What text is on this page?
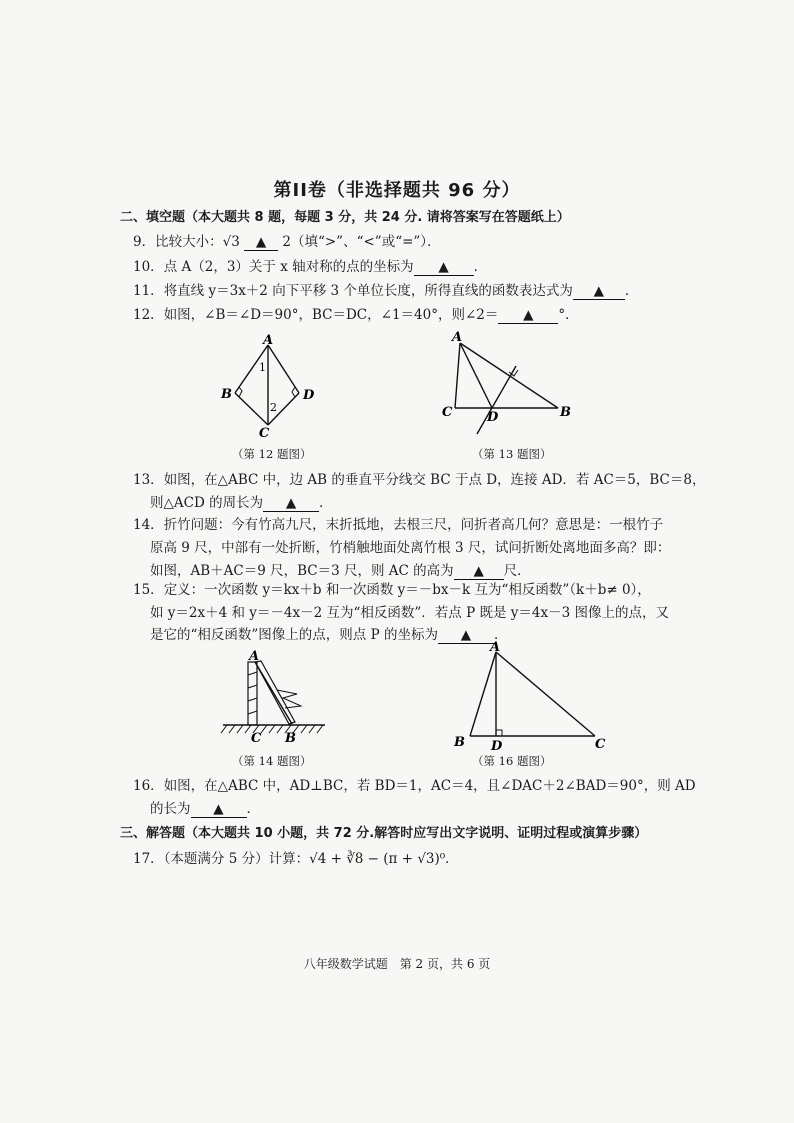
第II卷（非选择题共 96 分）
二、填空题（本大题共 8 题，每题 3 分，共 24 分. 请将答案写在答题纸上）
9．比较大小：√3 ▲ 2（填“>”、“<”或“=”）．
10．点 A（2，3）关于 x 轴对称的点的坐标为 ▲ ．
11．将直线 y＝3x＋2 向下平移 3 个单位长度，所得直线的函数表达式为 ▲ ．
12．如图，∠B＝∠D＝90°，BC＝DC，∠1＝40°，则∠2＝ ▲ °．
A
B
C
D
1
2
（第 12 题图）
A
C	D	B
（第 13 题图）
13．如图，在△ABC 中，边 AB 的垂直平分线交 BC 于点 D，连接 AD．若 AC＝5，BC＝8，
则△ACD 的周长为 ▲ ．
14．折竹问题：今有竹高九尺，末折抵地，去根三尺，问折者高几何？意思是：一根竹子
原高 9 尺，中部有一处折断，竹梢触地面处离竹根 3 尺，试问折断处离地面多高？即：
如图，AB＋AC＝9 尺，BC＝3 尺，则 AC 的高为 ▲ 尺．
15．定义：一次函数 y＝kx＋b 和一次函数 y＝－bx－k 互为“相反函数”（k＋b≠ 0），
如 y＝2x＋4 和 y＝－4x－2 互为“相反函数”．若点 P 既是 y＝4x－3 图像上的点，又
是它的“相反函数”图像上的点，则点 P 的坐标为 ▲ ．
A
C B
（第 14 题图）
A
B D	C
（第 16 题图）
16．如图，在△ABC 中，AD⊥BC，若 BD＝1，AC＝4，且∠DAC＋2∠BAD＝90°，则 AD
的长为 ▲ ．
三、解答题（本大题共 10 小题，共 72 分.解答时应写出文字说明、证明过程或演算步骤）
17．（本题满分 5 分）计算：√4 + ∛8 − (π + √3)⁰．
八年级数学试题　第 2 页，共 6 页
